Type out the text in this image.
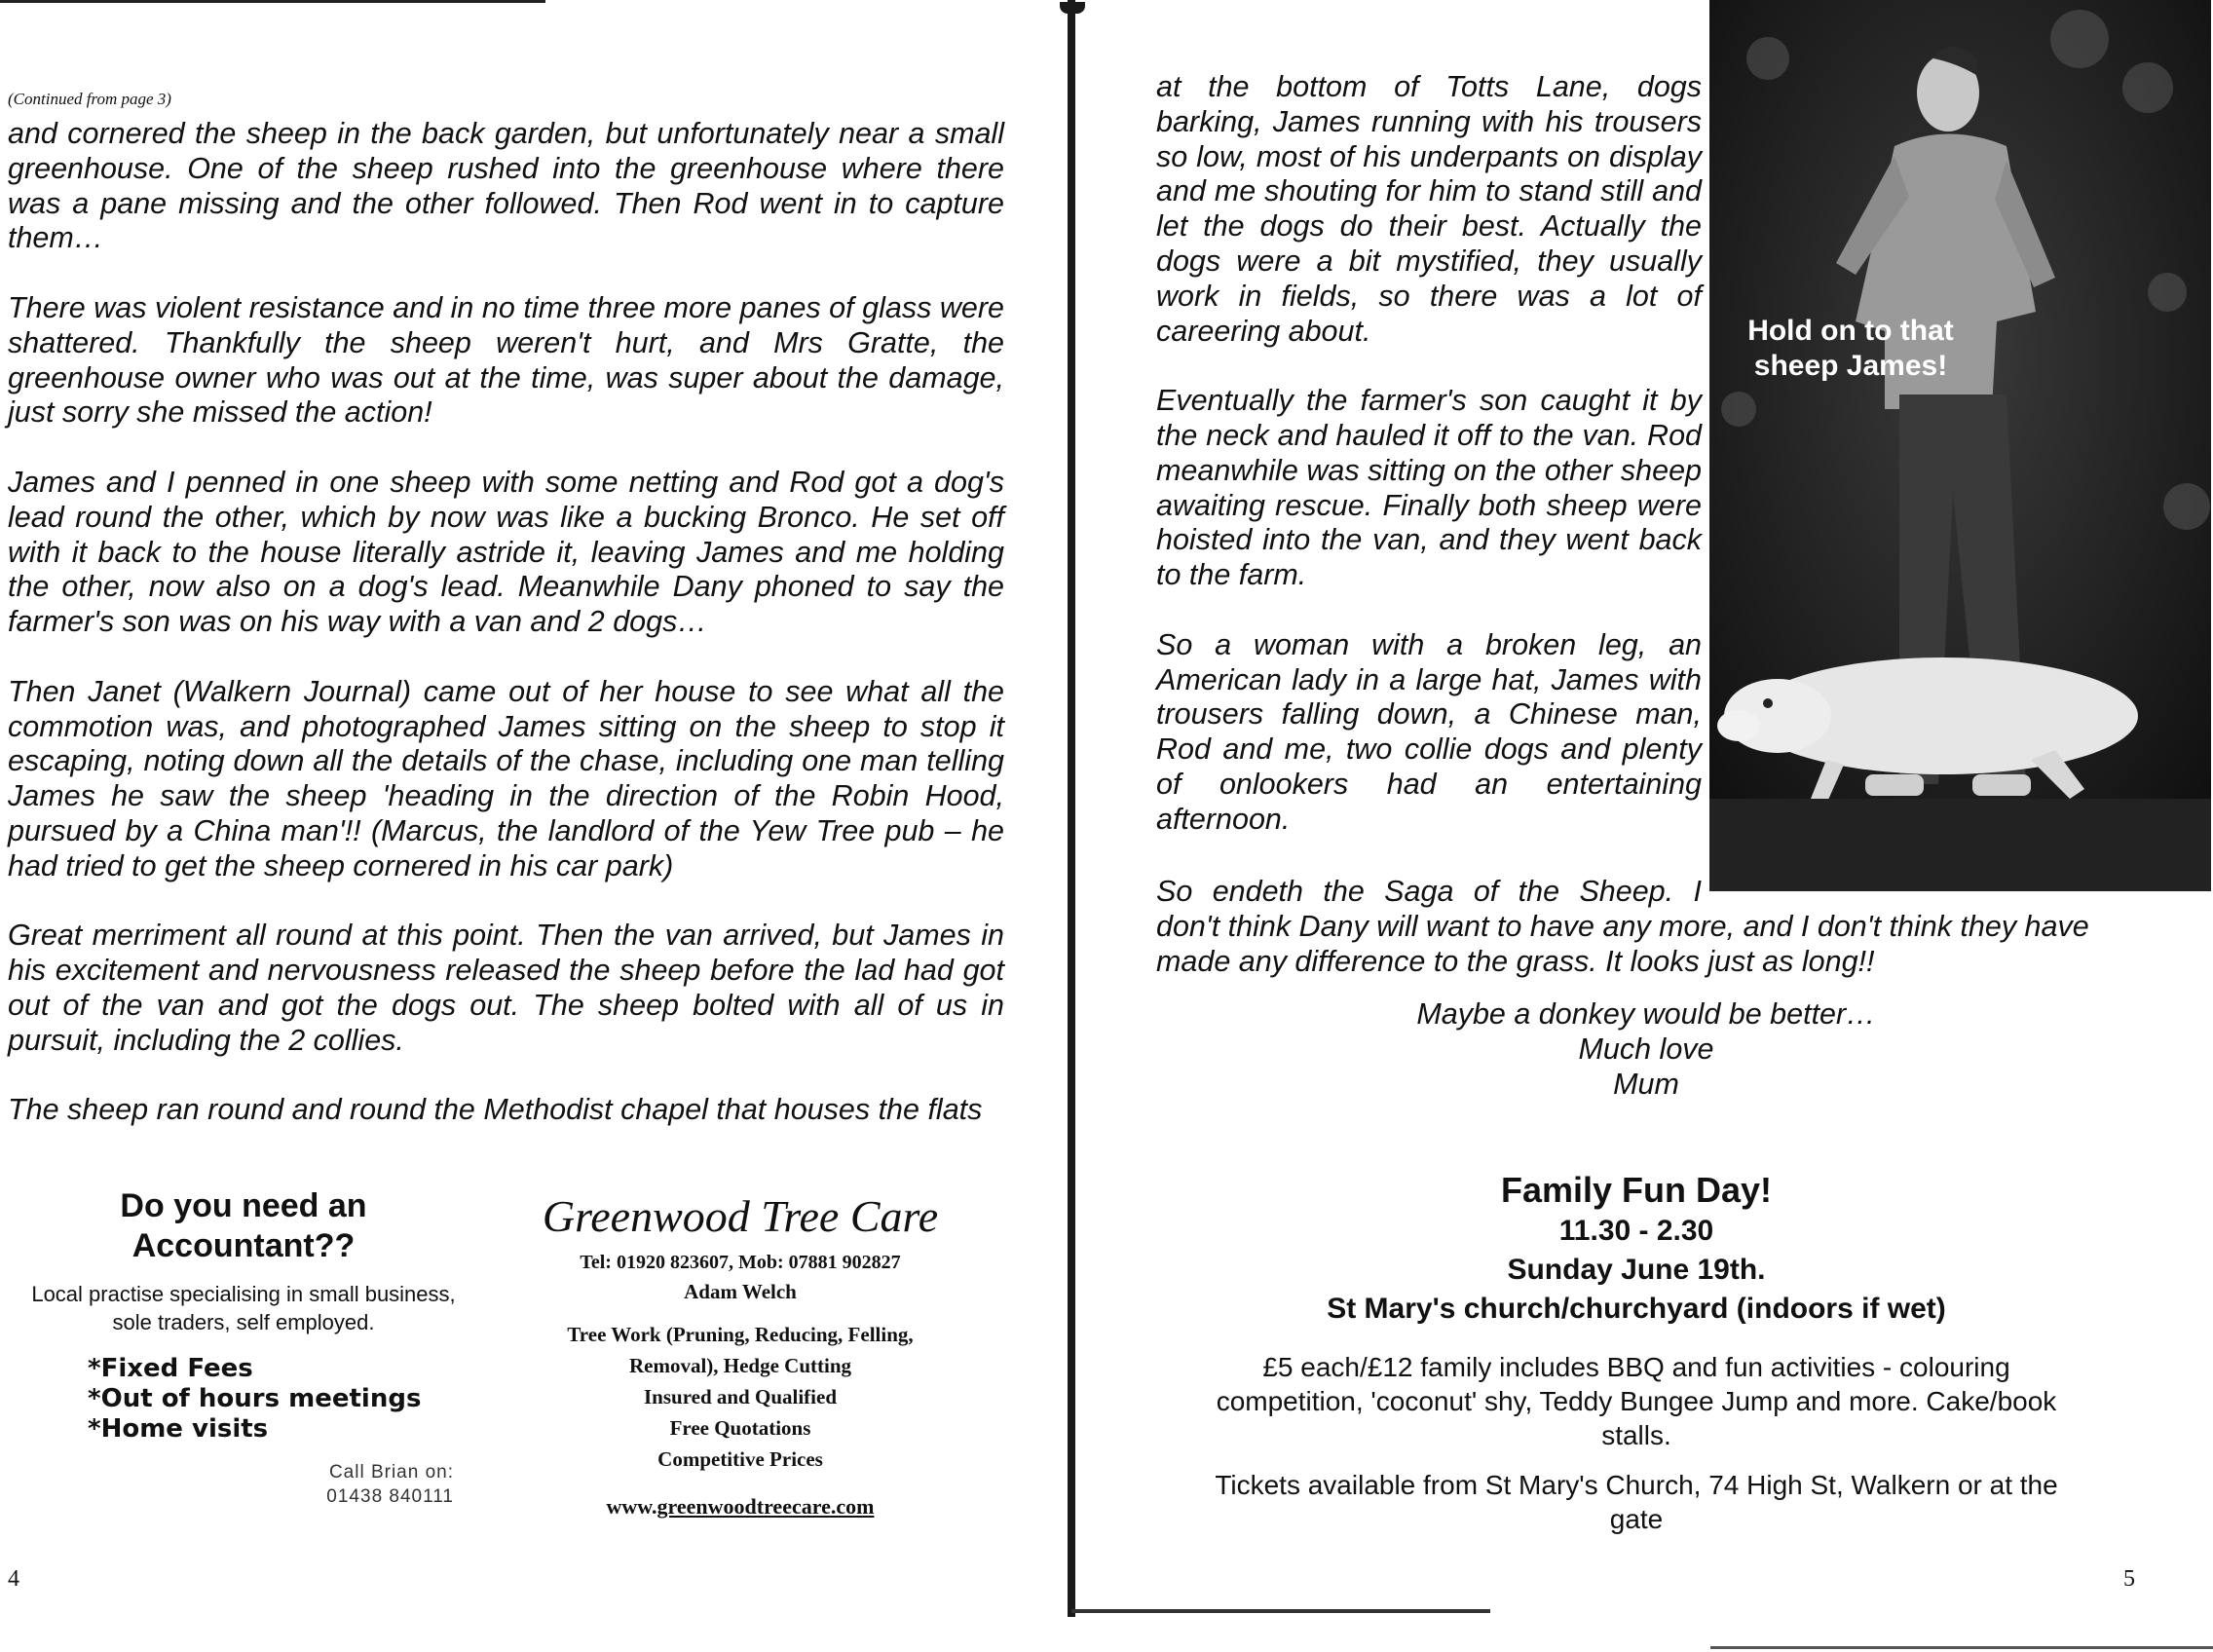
(Continued from page 3)

and cornered the sheep in the back garden, but unfortunately near a small greenhouse. One of the sheep rushed into the greenhouse where there was a pane missing and the other followed. Then Rod went in to capture them…

There was violent resistance and in no time three more panes of glass were shattered. Thankfully the sheep weren't hurt, and Mrs Gratte, the greenhouse owner who was out at the time, was super about the damage, just sorry she missed the action!

James and I penned in one sheep with some netting and Rod got a dog's lead round the other, which by now was like a bucking Bronco. He set off with it back to the house literally astride it, leaving James and me holding the other, now also on a dog's lead. Meanwhile Dany phoned to say the farmer's son was on his way with a van and 2 dogs…

Then Janet (Walkern Journal) came out of her house to see what all the commotion was, and photographed James sitting on the sheep to stop it escaping, noting down all the details of the chase, including one man telling James he saw the sheep 'heading in the direction of the Robin Hood, pursued by a China man'!! (Marcus, the landlord of the Yew Tree pub – he had tried to get the sheep cornered in his car park)

Great merriment all round at this point. Then the van arrived, but James in his excitement and nervousness released the sheep before the lad had got out of the van and got the dogs out. The sheep bolted with all of us in pursuit, including the 2 collies.

The sheep ran round and round the Methodist chapel that houses the flats

Do you need an Accountant??
Local practise specialising in small business, sole traders, self employed.
*Fixed Fees
*Out of hours meetings
*Home visits
Call Brian on:
01438 840111
Greenwood Tree Care
Tel: 01920 823607, Mob: 07881 902827
Adam Welch
Tree Work (Pruning, Reducing, Felling,
Removal), Hedge Cutting
Insured and Qualified
Free Quotations
Competitive Prices
www.greenwoodtreecare.com
4

at the bottom of Totts Lane, dogs barking, James running with his trousers so low, most of his underpants on display and me shouting for him to stand still and let the dogs do their best. Actually the dogs were a bit mystified, they usually work in fields, so there was a lot of careering about.

Eventually the farmer's son caught it by the neck and hauled it off to the van. Rod meanwhile was sitting on the other sheep awaiting rescue. Finally both sheep were hoisted into the van, and they went back to the farm.

So a woman with a broken leg, an American lady in a large hat, James with trousers falling down, a Chinese man, Rod and me, two collie dogs and plenty of onlookers had an entertaining afternoon.

So endeth the Saga of the Sheep. I

don't think Dany will want to have any more, and I don't think they have made any difference to the grass. It looks just as long!!

Maybe a donkey would be better…
Much love
Mum
Hold on to that sheep James!
Family Fun Day!
11.30 - 2.30
Sunday June 19th.
St Mary's church/churchyard (indoors if wet)
£5 each/£12 family includes BBQ and fun activities - colouring competition, 'coconut' shy, Teddy Bungee Jump and more. Cake/book stalls.
Tickets available from St Mary's Church, 74 High St, Walkern or at the gate
5
